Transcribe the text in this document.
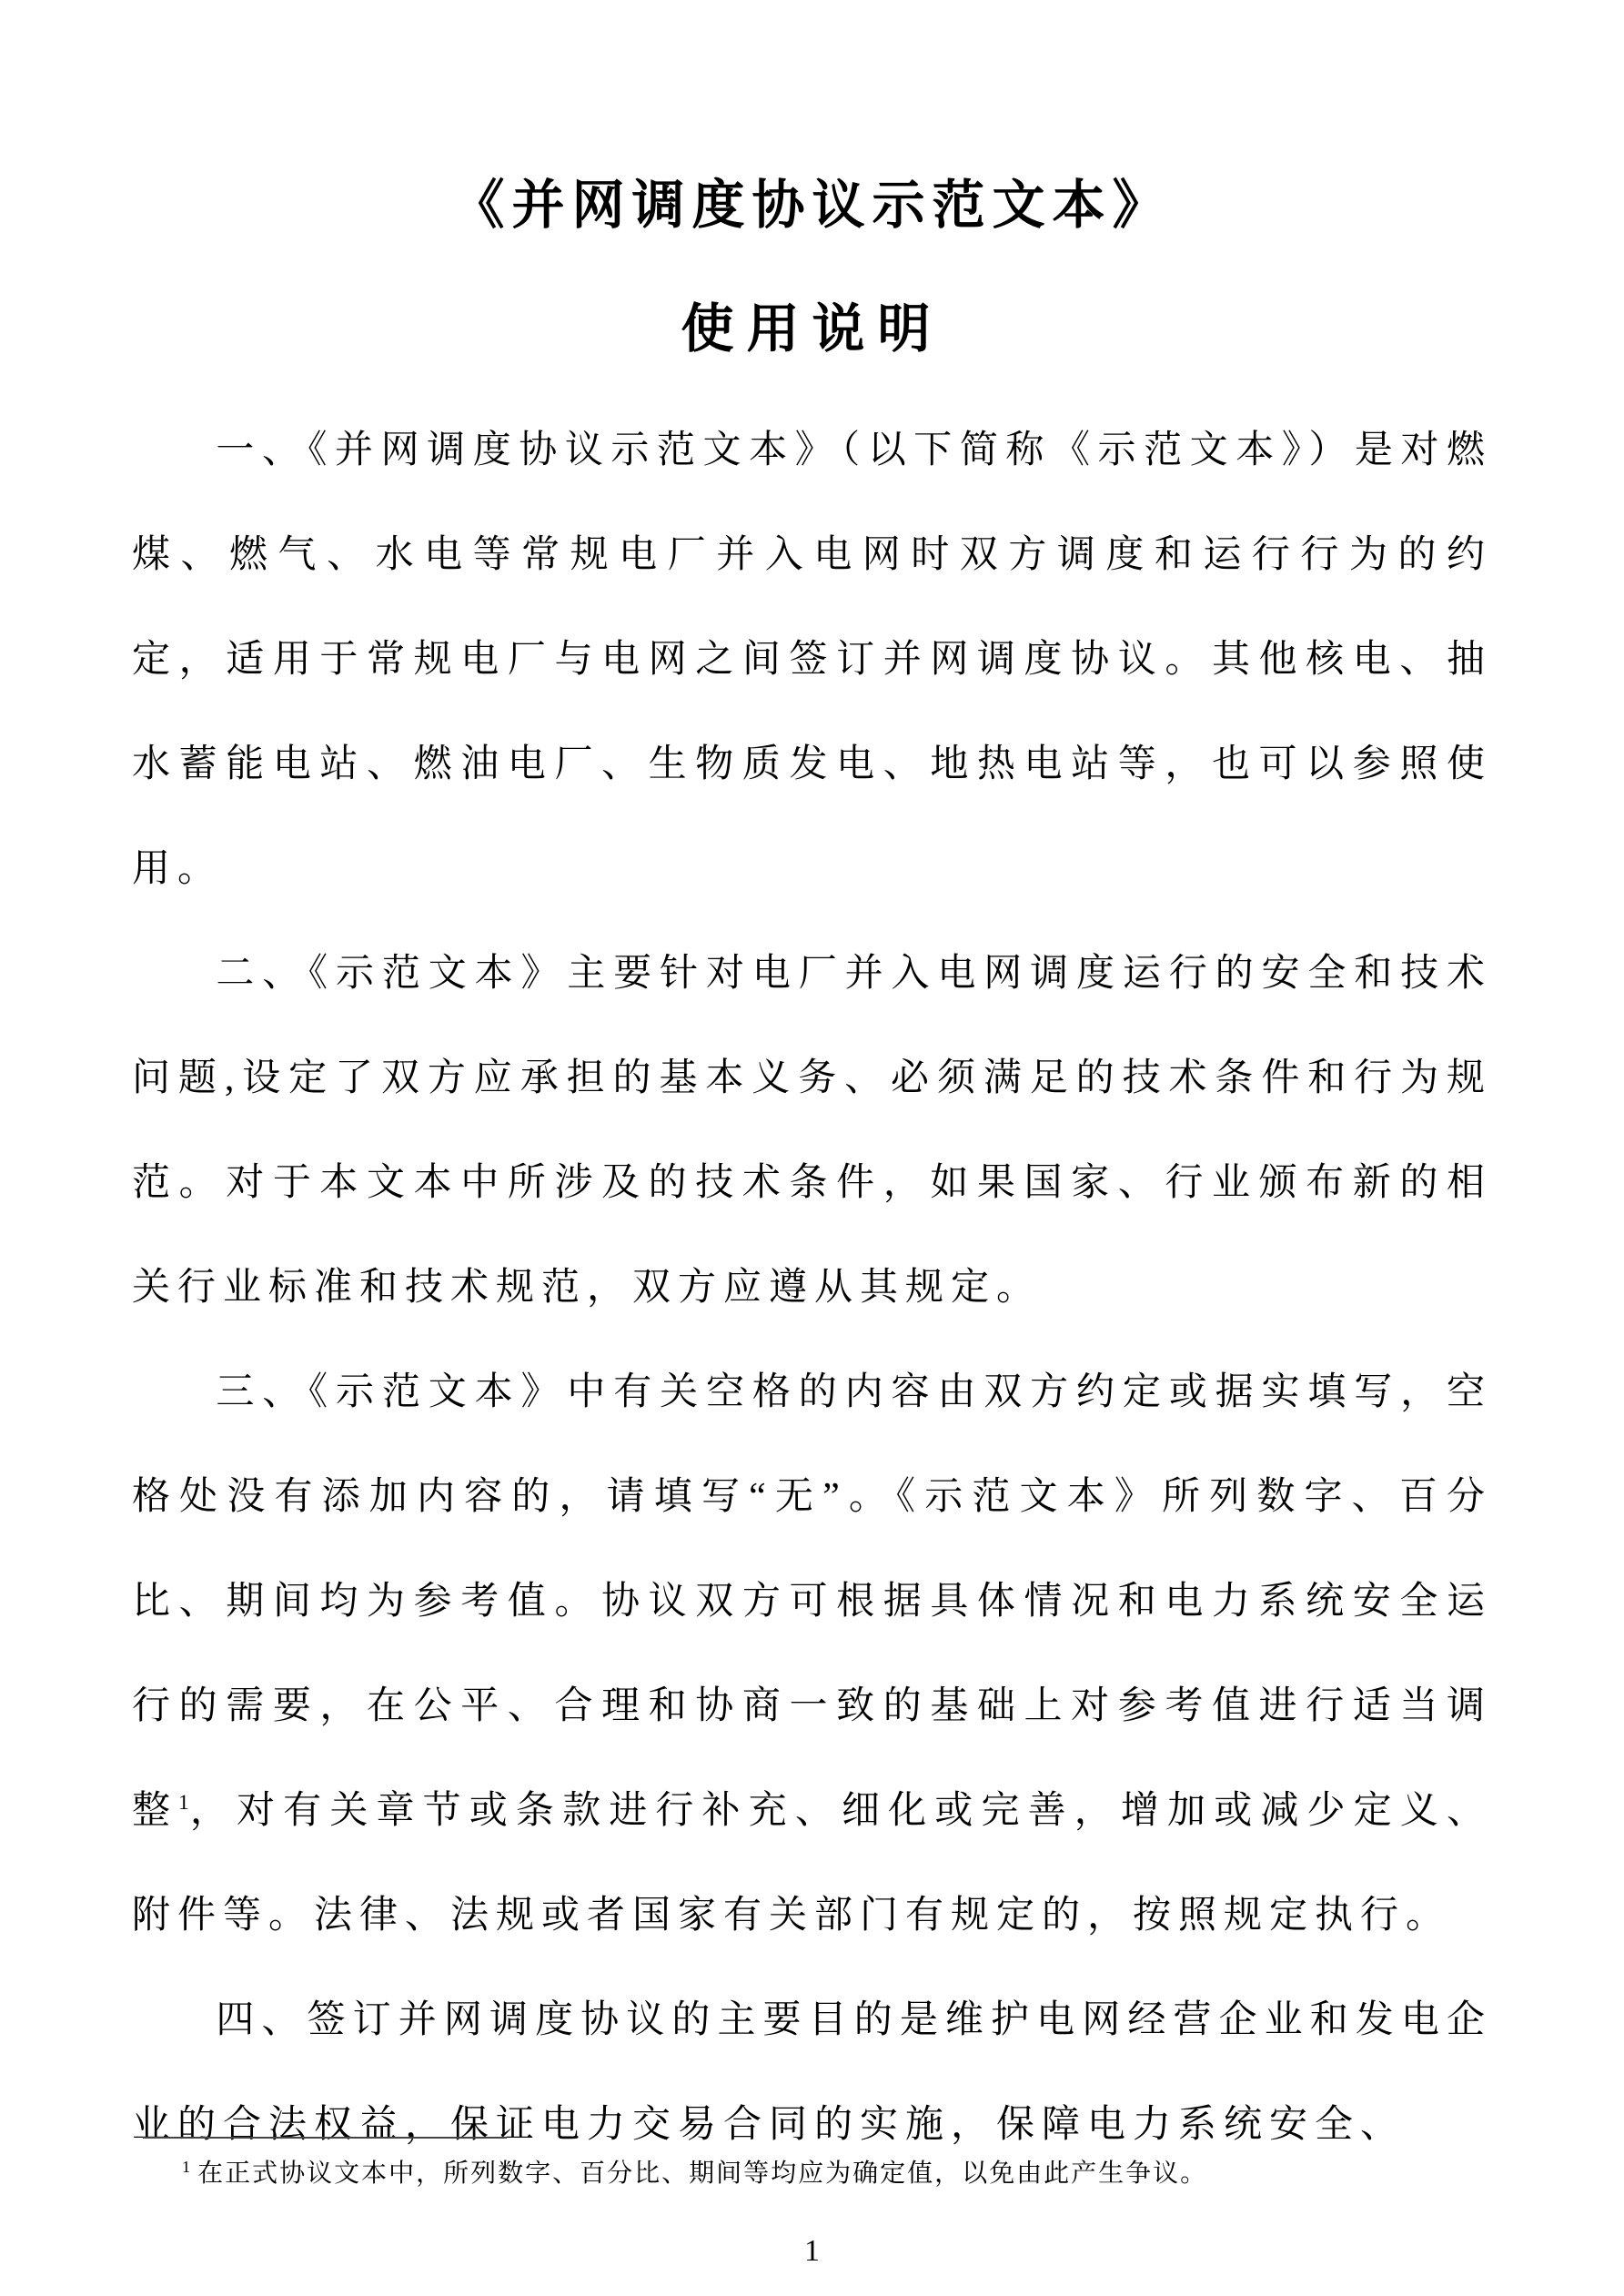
《并网调度协议示范文本》
使用说明

一、《并网调度协议示范文本》（以下简称《示范文本》）是对燃煤、燃气、水电等常规电厂并入电网时双方调度和运行行为的约定，适用于常规电厂与电网之间签订并网调度协议。其他核电、抽水蓄能电站、燃油电厂、生物质发电、地热电站等，也可以参照使用。

二、《示范文本》主要针对电厂并入电网调度运行的安全和技术问题,设定了双方应承担的基本义务、必须满足的技术条件和行为规范。对于本文本中所涉及的技术条件，如果国家、行业颁布新的相关行业标准和技术规范，双方应遵从其规定。

三、《示范文本》中有关空格的内容由双方约定或据实填写，空格处没有添加内容的，请填写“无”。《示范文本》所列数字、百分比、期间均为参考值。协议双方可根据具体情况和电力系统安全运行的需要，在公平、合理和协商一致的基础上对参考值进行适当调整$^1$，对有关章节或条款进行补充、细化或完善，增加或减少定义、附件等。法律、法规或者国家有关部门有规定的，按照规定执行。

四、签订并网调度协议的主要目的是维护电网经营企业和发电企业的合法权益，保证电力交易合同的实施，保障电力系统安全、

$^1$ 在正式协议文本中，所列数字、百分比、期间等均应为确定值，以免由此产生争议。

1
